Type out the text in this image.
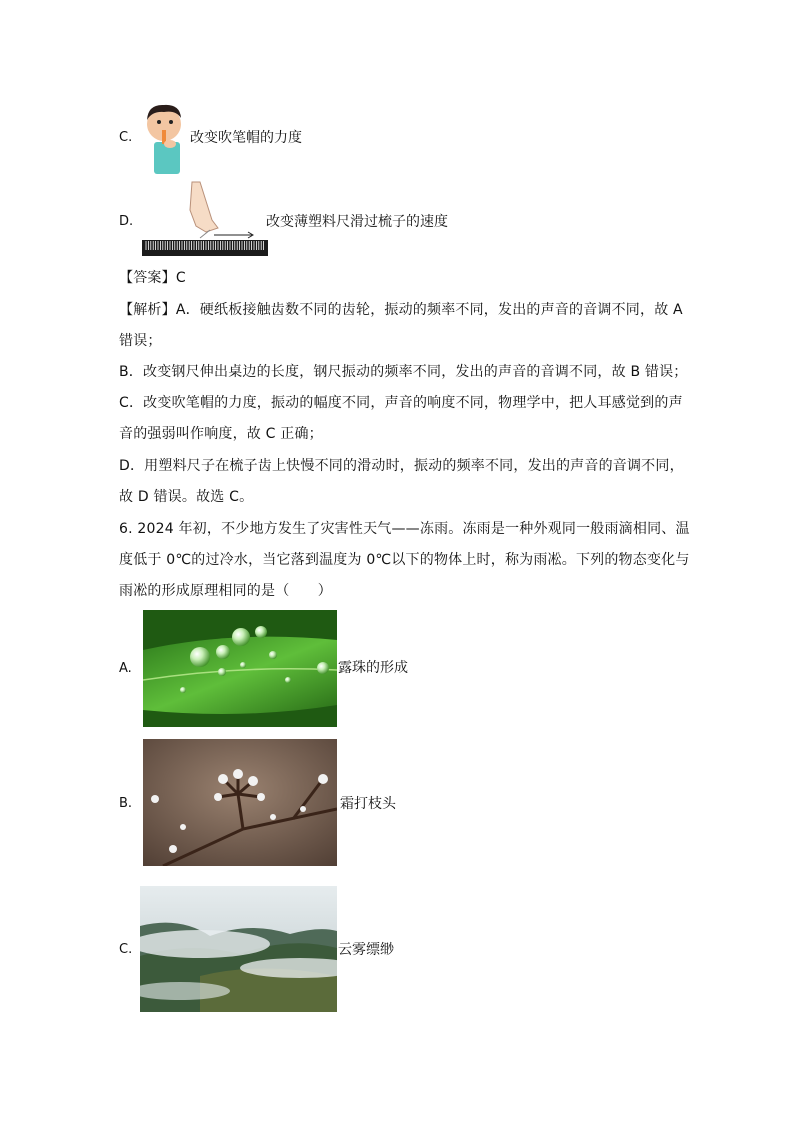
C.	改变吹笔帽的力度
D.	改变薄塑料尺滑过梳子的速度
【答案】C
【解析】A．硬纸板接触齿数不同的齿轮，振动的频率不同，发出的声音的音调不同，故 A
错误；
B．改变钢尺伸出桌边的长度，钢尺振动的频率不同，发出的声音的音调不同，故 B 错误；
C．改变吹笔帽的力度，振动的幅度不同，声音的响度不同，物理学中，把人耳感觉到的声
音的强弱叫作响度，故 C 正确；
D．用塑料尺子在梳子齿上快慢不同的滑动时，振动的频率不同，发出的声音的音调不同，
故 D 错误。故选 C。
6. 2024 年初，不少地方发生了灾害性天气——冻雨。冻雨是一种外观同一般雨滴相同、温
度低于 0℃的过冷水，当它落到温度为 0℃以下的物体上时，称为雨凇。下列的物态变化与
雨凇的形成原理相同的是（　　）
A.	露珠的形成
B.	霜打枝头
C.	云雾缥缈
